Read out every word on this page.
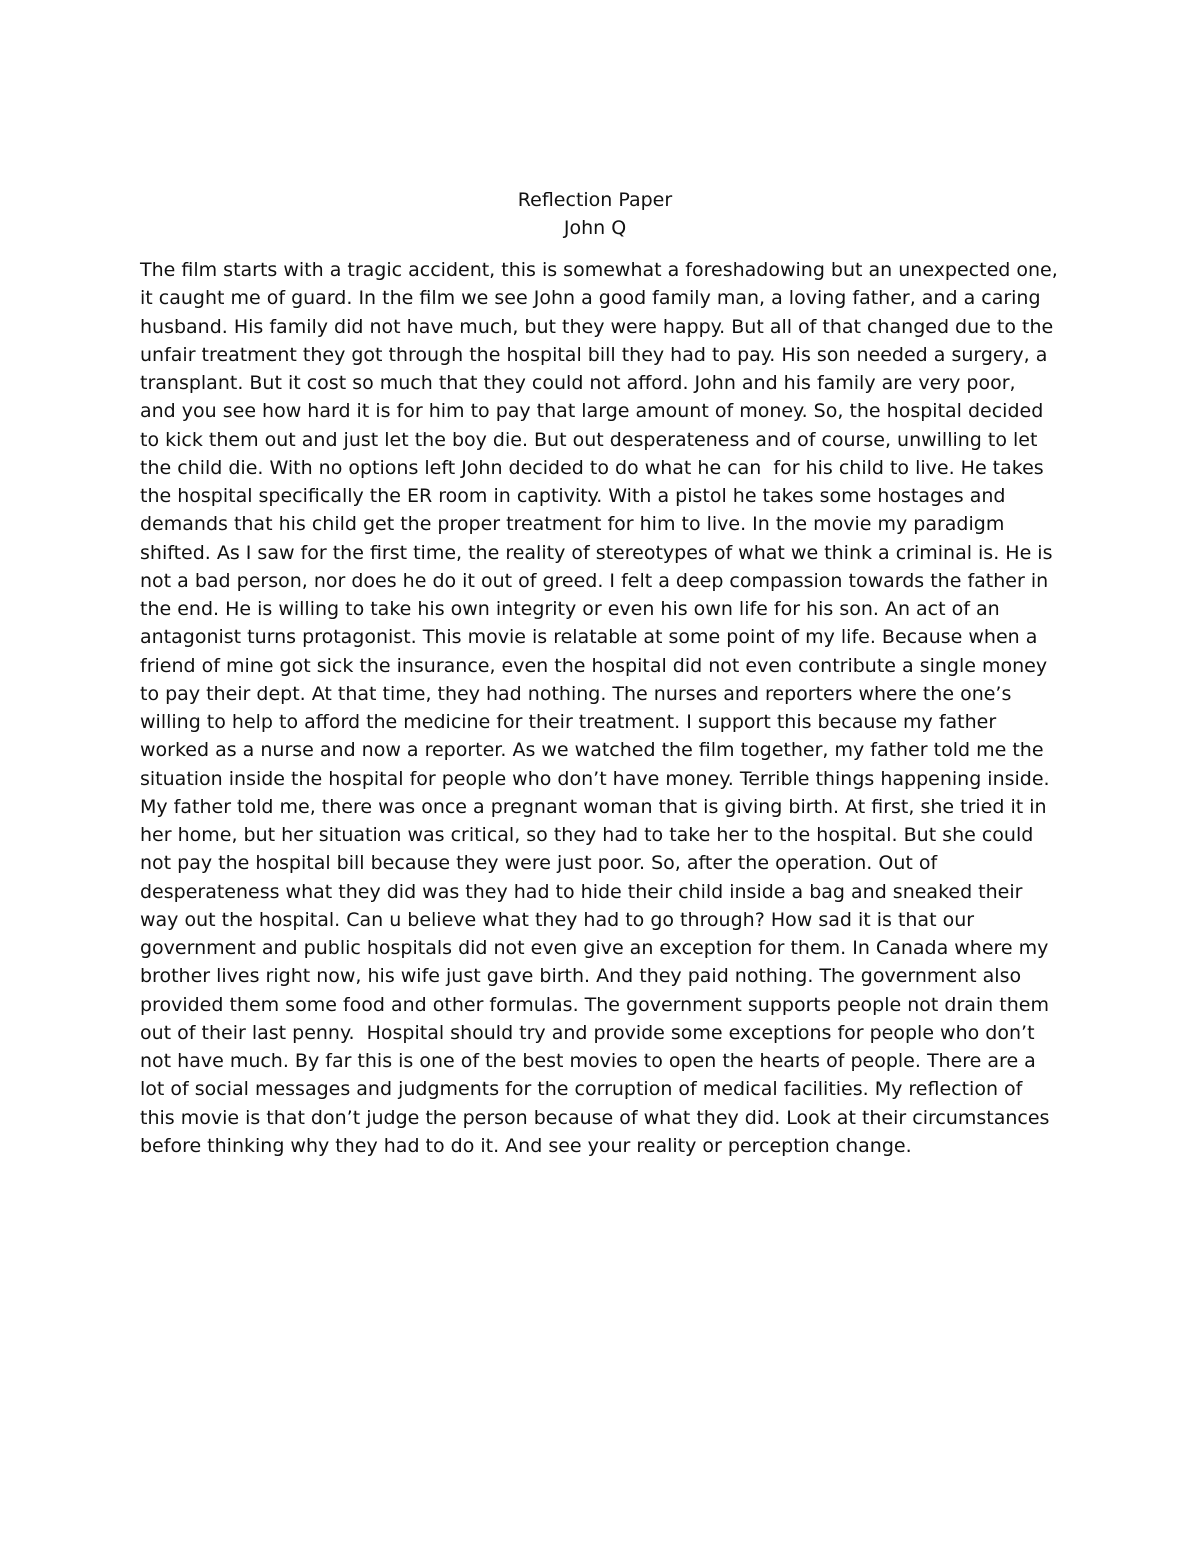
Reflection Paper
John Q
The film starts with a tragic accident, this is somewhat a foreshadowing but an unexpected one,
it caught me of guard. In the film we see John a good family man, a loving father, and a caring
husband. His family did not have much, but they were happy. But all of that changed due to the
unfair treatment they got through the hospital bill they had to pay. His son needed a surgery, a
transplant. But it cost so much that they could not afford. John and his family are very poor,
and you see how hard it is for him to pay that large amount of money. So, the hospital decided
to kick them out and just let the boy die. But out desperateness and of course, unwilling to let
the child die. With no options left John decided to do what he can  for his child to live. He takes
the hospital specifically the ER room in captivity. With a pistol he takes some hostages and
demands that his child get the proper treatment for him to live. In the movie my paradigm
shifted. As I saw for the first time, the reality of stereotypes of what we think a criminal is. He is
not a bad person, nor does he do it out of greed. I felt a deep compassion towards the father in
the end. He is willing to take his own integrity or even his own life for his son. An act of an
antagonist turns protagonist. This movie is relatable at some point of my life. Because when a
friend of mine got sick the insurance, even the hospital did not even contribute a single money
to pay their dept. At that time, they had nothing. The nurses and reporters where the one’s
willing to help to afford the medicine for their treatment. I support this because my father
worked as a nurse and now a reporter. As we watched the film together, my father told me the
situation inside the hospital for people who don’t have money. Terrible things happening inside.
My father told me, there was once a pregnant woman that is giving birth. At first, she tried it in
her home, but her situation was critical, so they had to take her to the hospital. But she could
not pay the hospital bill because they were just poor. So, after the operation. Out of
desperateness what they did was they had to hide their child inside a bag and sneaked their
way out the hospital. Can u believe what they had to go through? How sad it is that our
government and public hospitals did not even give an exception for them. In Canada where my
brother lives right now, his wife just gave birth. And they paid nothing. The government also
provided them some food and other formulas. The government supports people not drain them
out of their last penny.  Hospital should try and provide some exceptions for people who don’t
not have much. By far this is one of the best movies to open the hearts of people. There are a
lot of social messages and judgments for the corruption of medical facilities. My reflection of
this movie is that don’t judge the person because of what they did. Look at their circumstances
before thinking why they had to do it. And see your reality or perception change.
